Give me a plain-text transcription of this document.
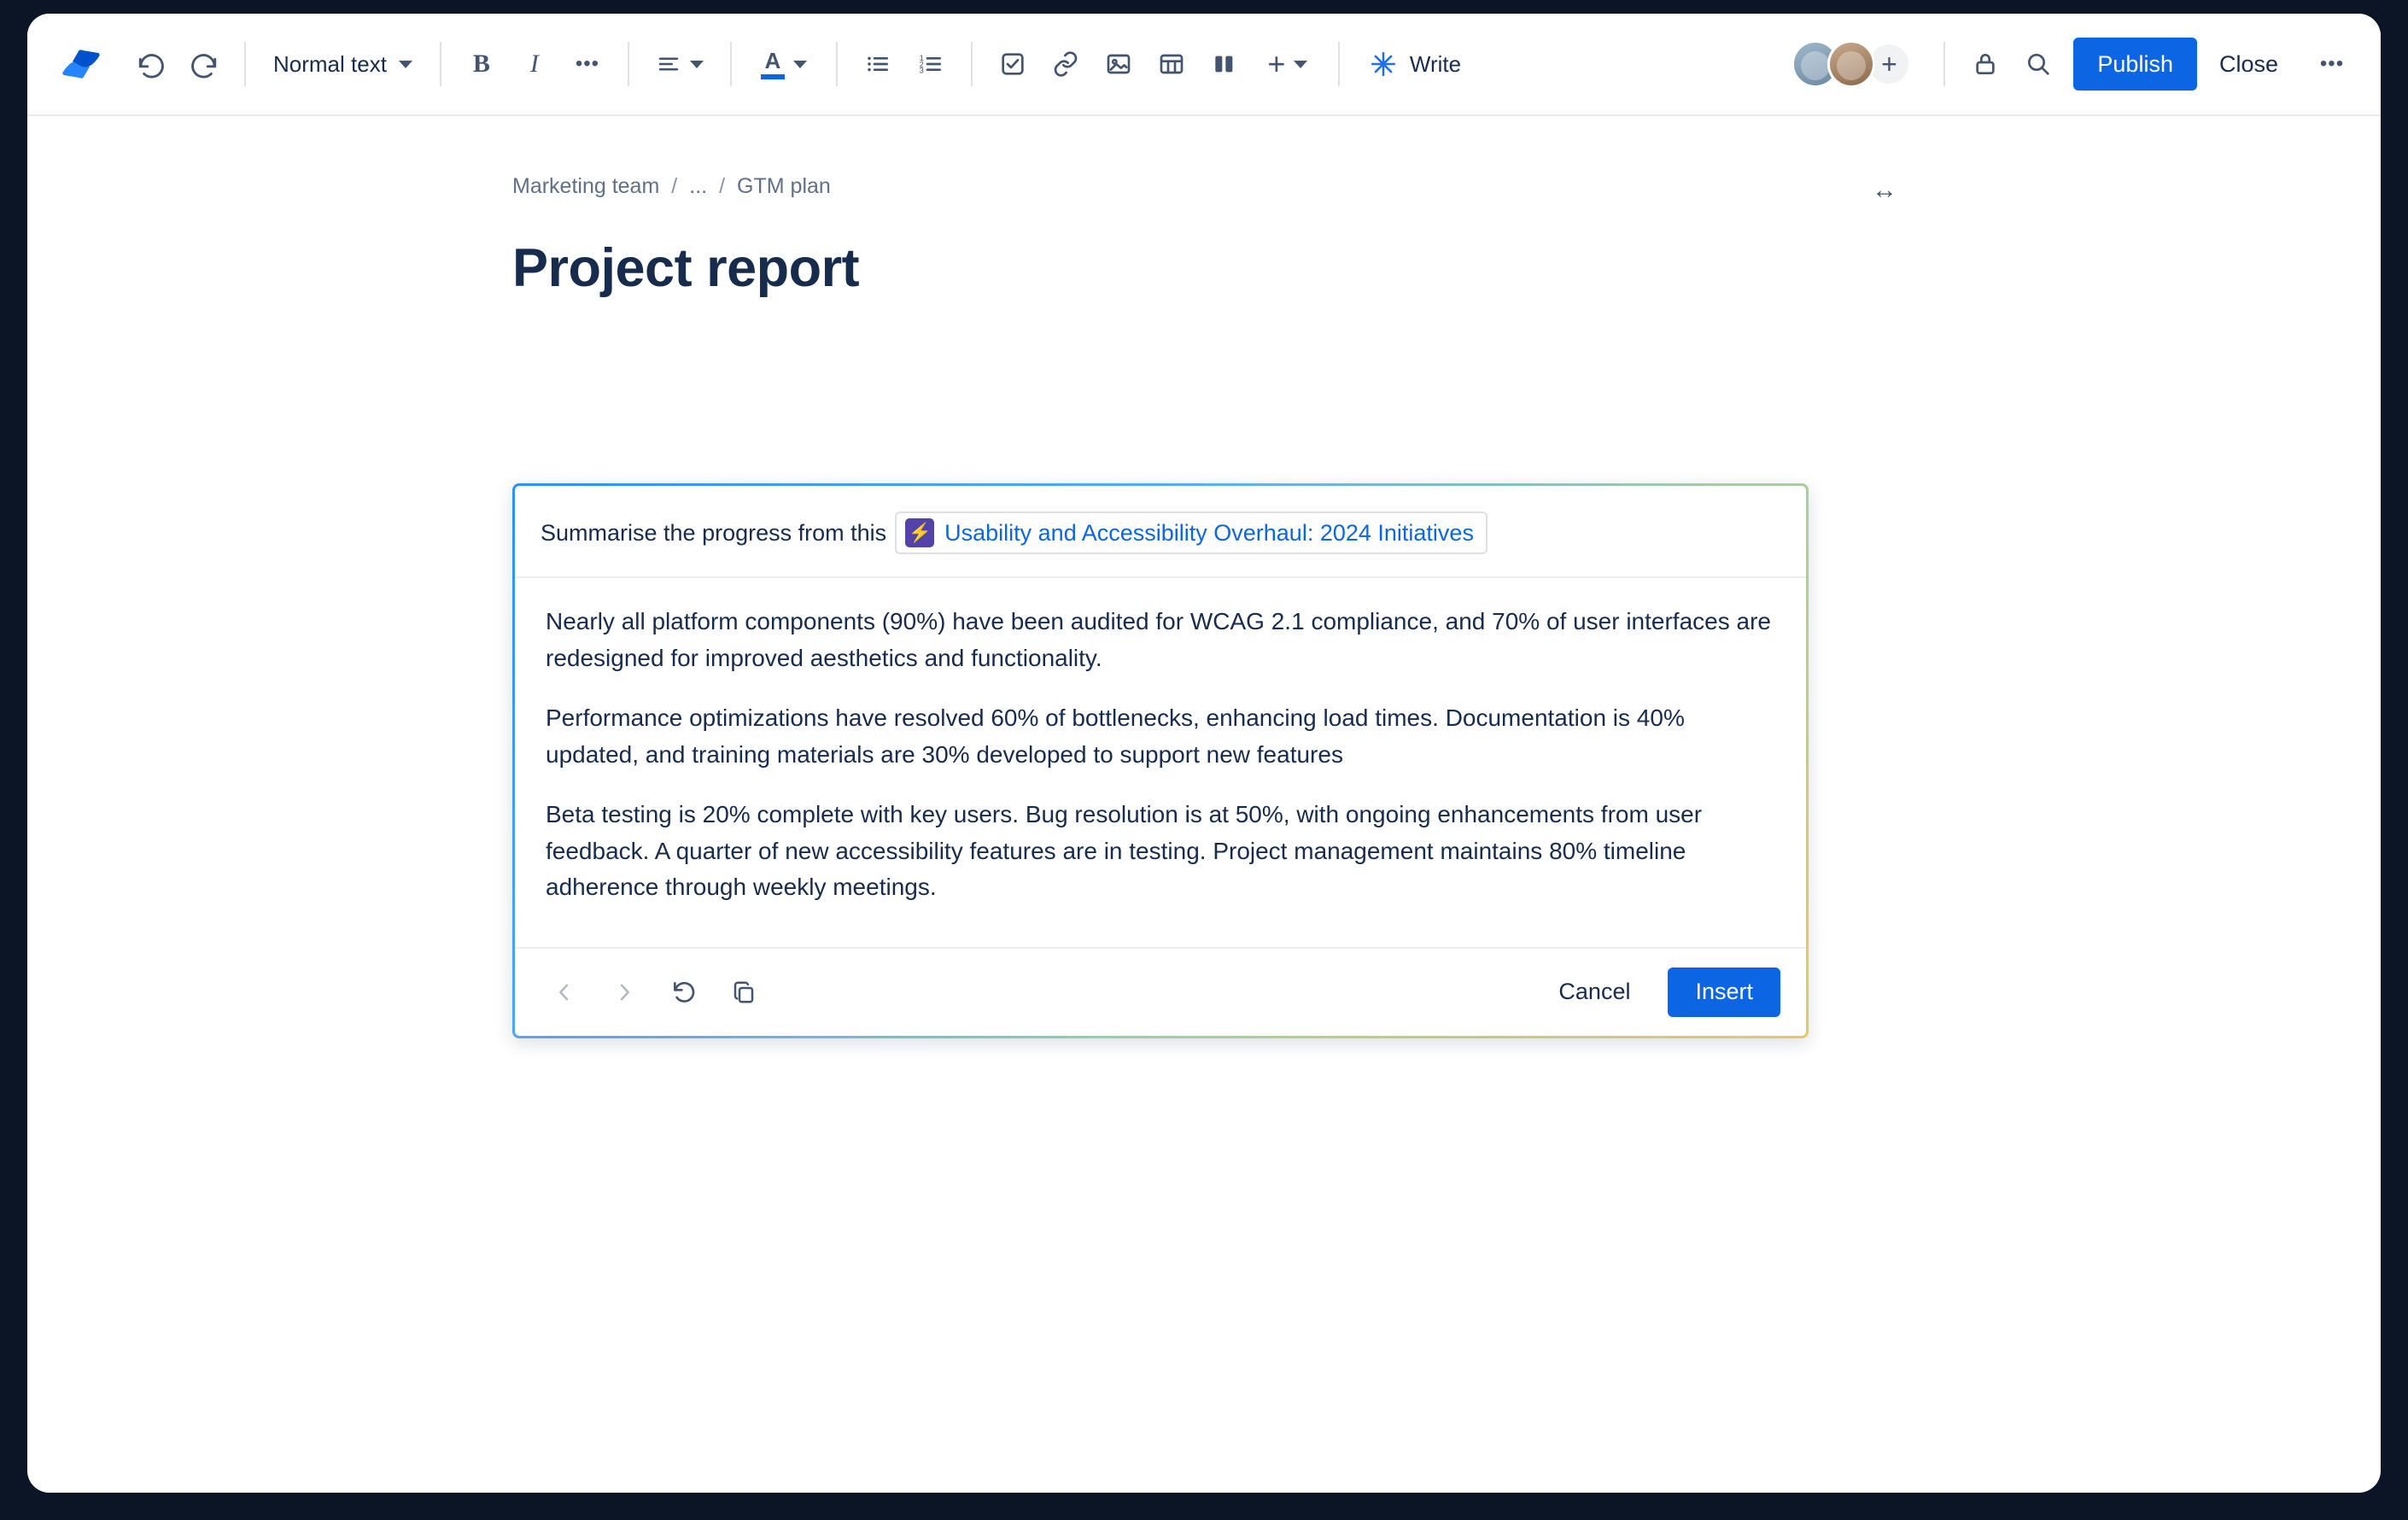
Normal text	B I •••	A	1
2
3	+	Write	+	Publish	Close	•••
Marketing team / ... / GTM plan	↔
Project report
Summarise the progress from this ⚡ Usability and Accessibility Overhaul: 2024 Initiatives

Nearly all platform components (90%) have been audited for WCAG 2.1 compliance, and 70% of user interfaces are redesigned for improved aesthetics and functionality.

Performance optimizations have resolved 60% of bottlenecks, enhancing load times. Documentation is 40% updated, and training materials are 30% developed to support new features

Beta testing is 20% complete with key users. Bug resolution is at 50%, with ongoing enhancements from user feedback. A quarter of new accessibility features are in testing. Project management maintains 80% timeline adherence through weekly meetings.

Cancel	Insert
